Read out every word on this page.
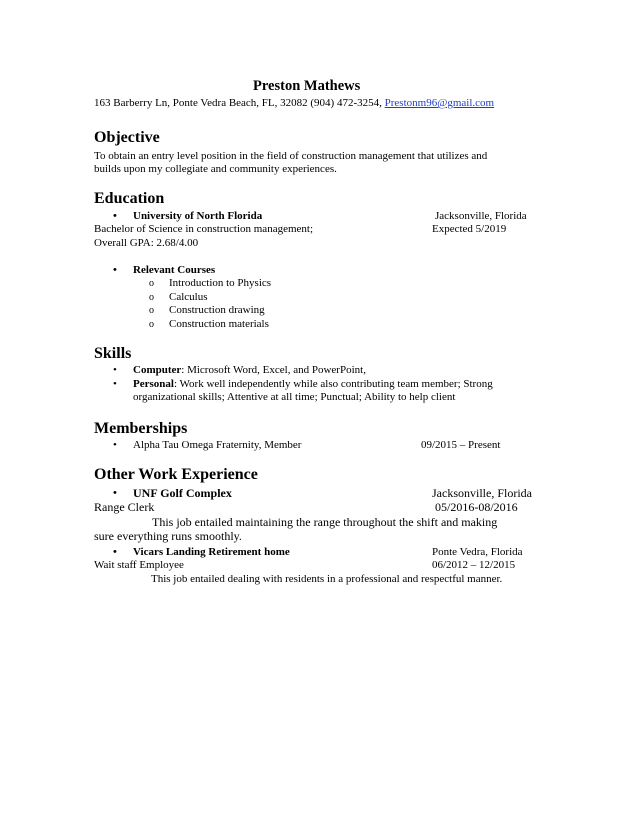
Preston Mathews
163 Barberry Ln, Ponte Vedra Beach, FL, 32082 (904) 472-3254, Prestonm96@gmail.com
Objective
To obtain an entry level position in the field of construction management that utilizes and
builds upon my collegiate and community experiences.
Education
• University of North Florida	Jacksonville, Florida
Bachelor of Science in construction management;	Expected 5/2019
Overall GPA: 2.68/4.00
• Relevant Courses
o Introduction to Physics
o Calculus
o Construction drawing
o Construction materials
Skills
• Computer: Microsoft Word, Excel, and PowerPoint,
• Personal: Work well independently while also contributing team member; Strong
organizational skills; Attentive at all time; Punctual; Ability to help client
Memberships
• Alpha Tau Omega Fraternity, Member	09/2015 – Present
Other Work Experience
• UNF Golf Complex	Jacksonville, Florida
Range Clerk	05/2016-08/2016
This job entailed maintaining the range throughout the shift and making
sure everything runs smoothly.
• Vicars Landing Retirement home	Ponte Vedra, Florida
Wait staff Employee	06/2012 – 12/2015
This job entailed dealing with residents in a professional and respectful manner.
